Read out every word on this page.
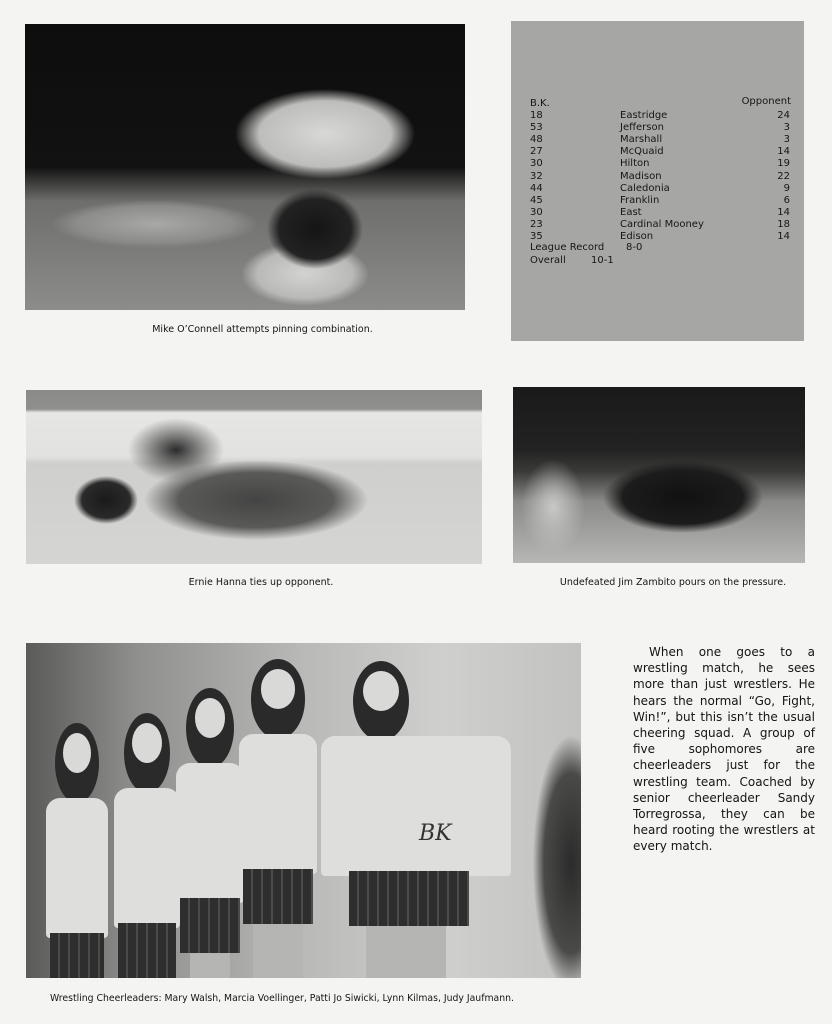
Mike O’Connell attempts pinning combination.
B.K.	Opponent
18	Eastridge	24
53	Jefferson	3
48	Marshall	3
27	McQuaid	14
30	Hilton	19
32	Madison	22
44	Caledonia	9
45	Franklin	6
30	East	14
23	Cardinal Mooney	18
35	Edison	14
League Record 8-0
Overall	10-1
Ernie Hanna ties up opponent.	Undefeated Jim Zambito pours on the pressure.
BK
Wrestling Cheerleaders: Mary Walsh, Marcia Voellinger, Patti Jo Siwicki, Lynn Kilmas, Judy Jaufmann.
When one goes to a wrestling match, he sees more than just wrestlers. He hears the normal “Go, Fight, Win!”, but this isn’t the usual cheering squad. A group of five sophomores are cheerleaders just for the wrestling team. Coached by senior cheerleader Sandy Torregrossa, they can be heard rooting the wrestlers at every match.
